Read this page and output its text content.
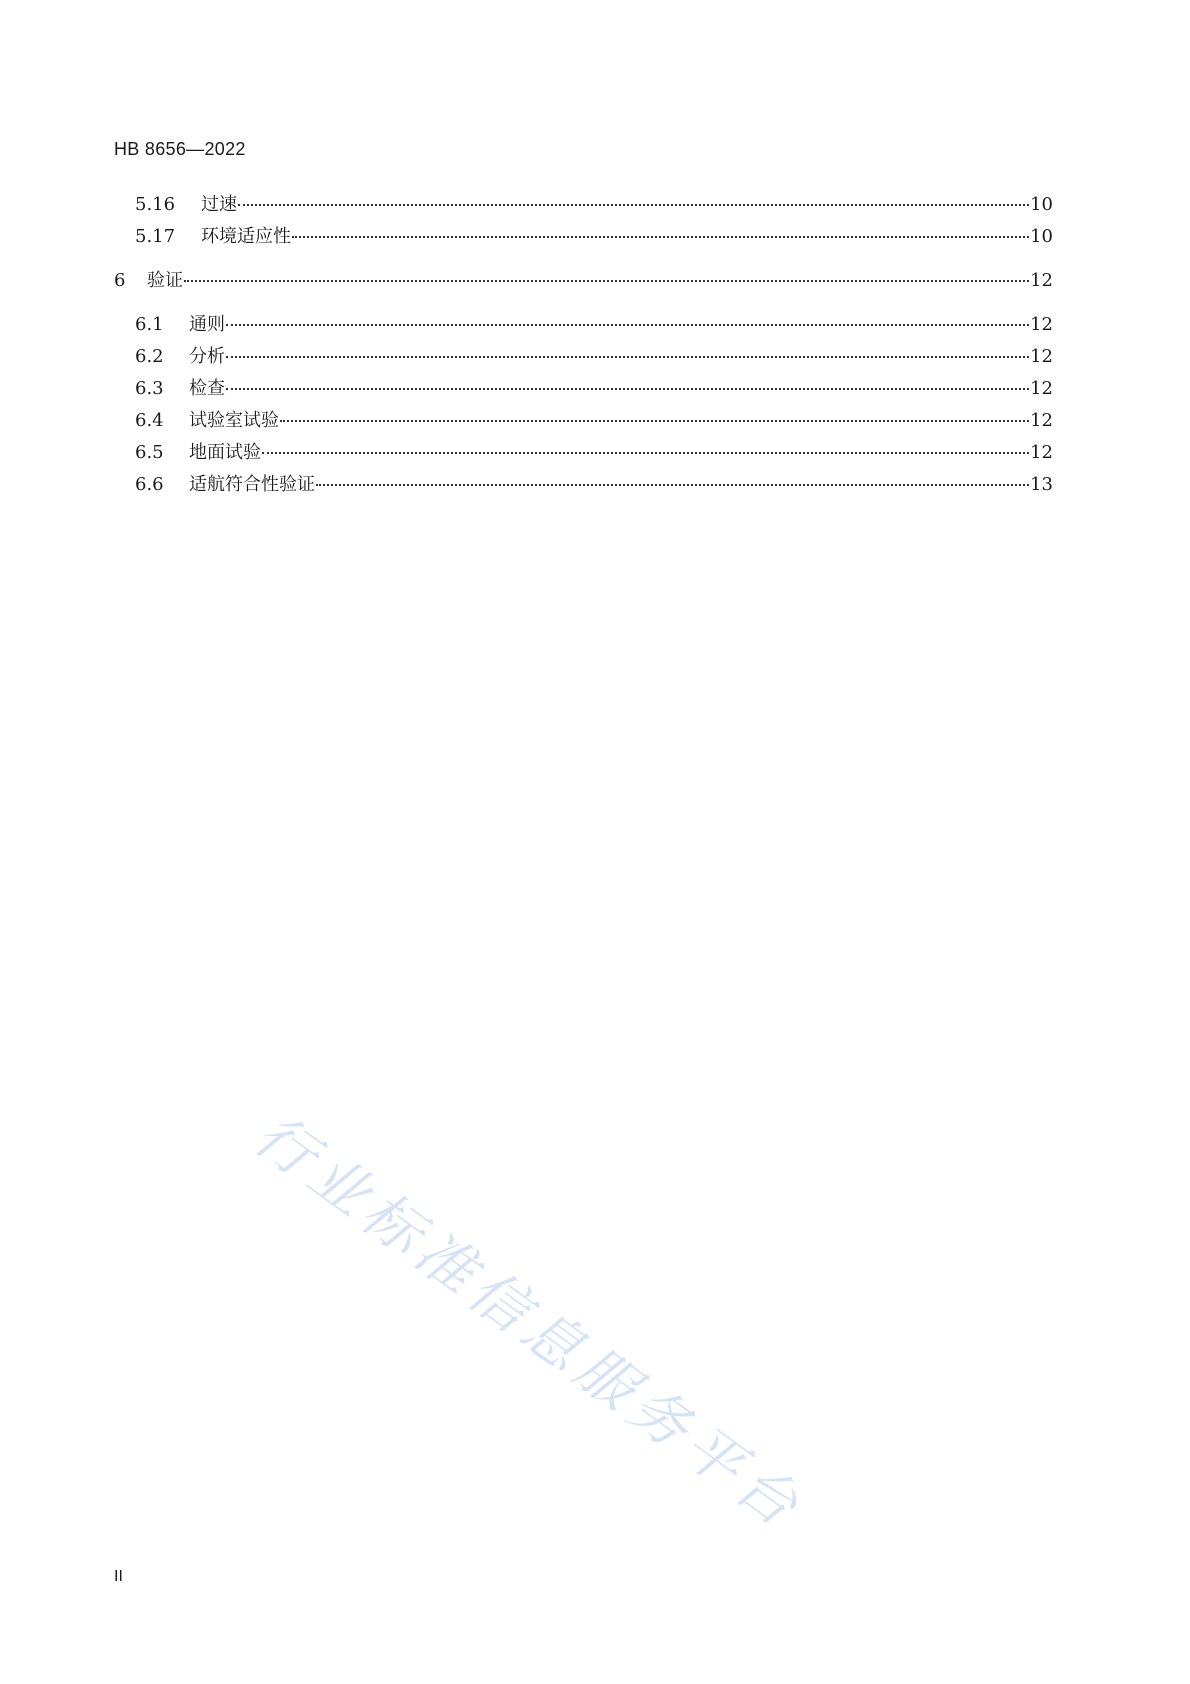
HB 8656—2022
5.16	过速	10
5.17	环境适应性	10
6	验证	12
6.1	通则	12
6.2	分析	12
6.3	检查	12
6.4	试验室试验	12
6.5	地面试验	12
6.6	适航符合性验证	13
行业标准信息服务平台
II
